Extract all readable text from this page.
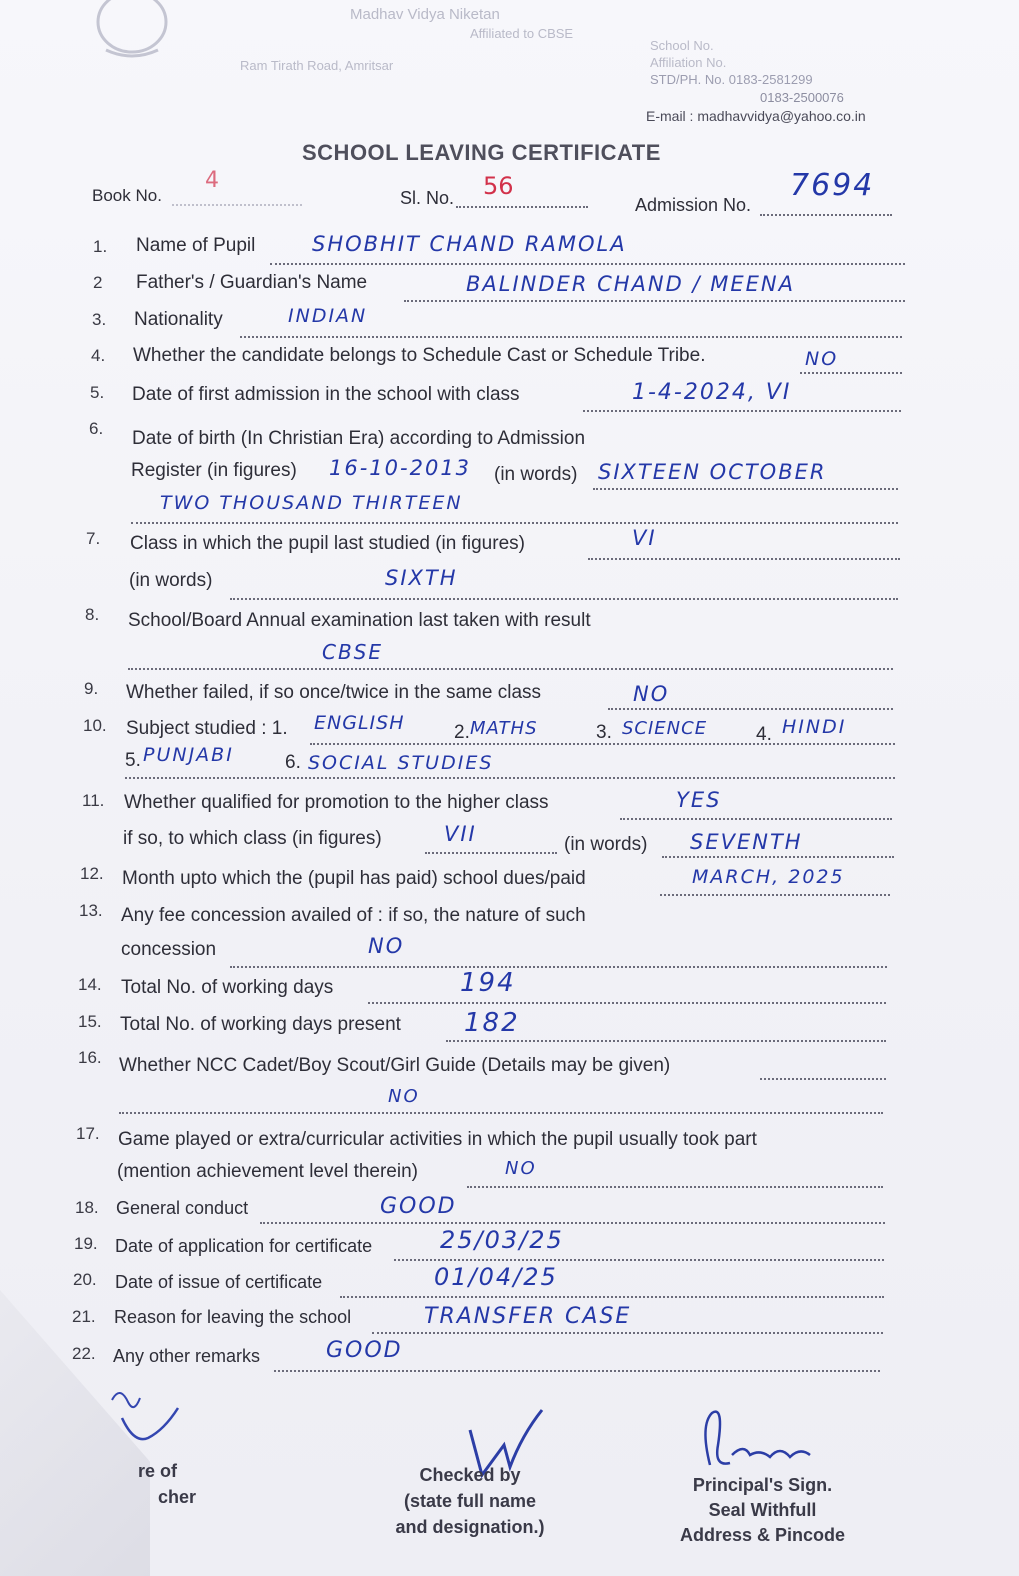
Madhav Vidya Niketan
Affiliated to CBSE
Ram Tirath Road, Amritsar
School No.
Affiliation No.
STD/PH. No. 0183-2581299
0183-2500076
E-mail : madhavvidya@yahoo.co.in
SCHOOL LEAVING CERTIFICATE
Book No.
4
Sl. No. 56
Admission No.
7694
1. Name of Pupil	SHOBHIT CHAND RAMOLA
2 Father's / Guardian's Name	BALINDER CHAND / MEENA
3. Nationality	INDIAN
4. Whether the candidate belongs to Schedule Cast or Schedule Tribe.	NO
5. Date of first admission in the school with class	1-4-2024, VI
6. Date of birth (In Christian Era) according to Admission
Register (in figures) 16-10-2013 (in words) SIXTEEN OCTOBER
TWO THOUSAND THIRTEEN
7. Class in which the pupil last studied (in figures)	VI
(in words)	SIXTH
8. School/Board Annual examination last taken with result
CBSE
9. Whether failed, if so once/twice in the same class	NO
10. Subject studied : 1. ENGLISH	2. MATHS	3. SCIENCE	4. HINDI
5. PUNJABI	6. SOCIAL STUDIES
11. Whether qualified for promotion to the higher class	YES
if so, to which class (in figures)	VII	(in words) SEVENTH
12. Month upto which the (pupil has paid) school dues/paid	MARCH, 2025
13. Any fee concession availed of : if so, the nature of such
concession	NO
14. Total No. of working days	194
15. Total No. of working days present 182
16. Whether NCC Cadet/Boy Scout/Girl Guide (Details may be given)
NO
17. Game played or extra/curricular activities in which the pupil usually took part
(mention achievement level therein)	NO
18. General conduct	GOOD
19. Date of application for certificate	25/03/25
20. Date of issue of certificate	01/04/25
21. Reason for leaving the school	TRANSFER CASE
22. Any other remarks	GOOD
re of
cher
Checked by
(state full name
and designation.)
Principal's Sign.
Seal Withfull
Address & Pincode
